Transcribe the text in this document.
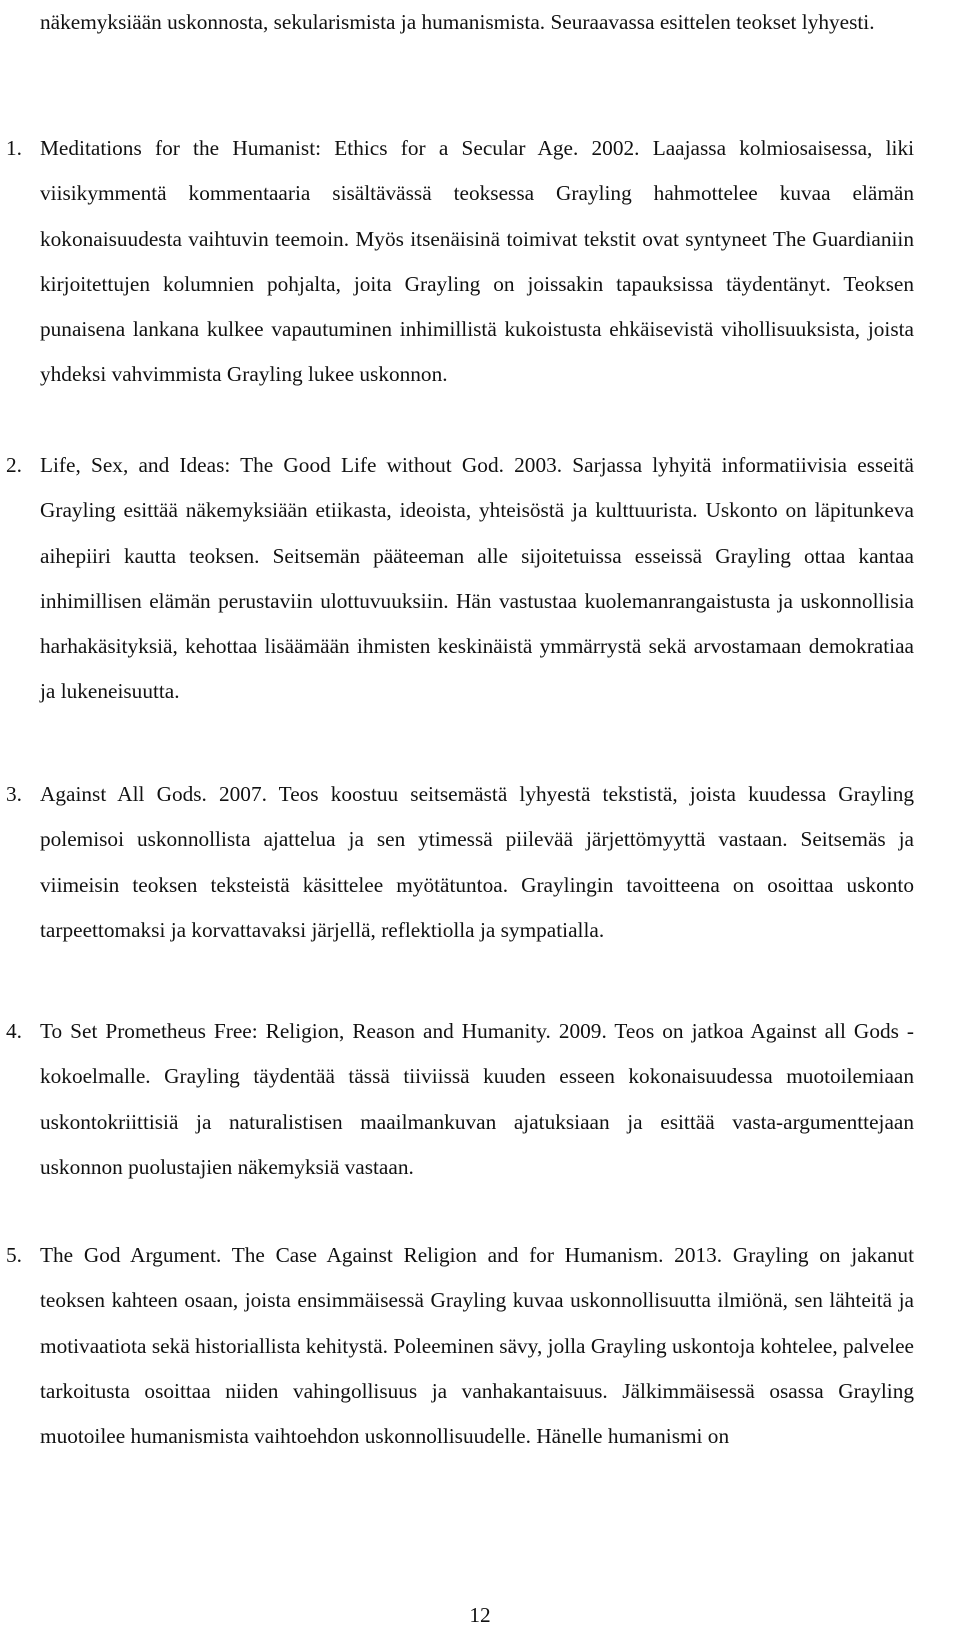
näkemyksiään uskonnosta, sekularismista ja humanismista. Seuraavassa esittelen teokset lyhyesti.

1. Meditations for the Humanist: Ethics for a Secular Age. 2002. Laajassa kolmiosaisessa, liki viisikymmentä kommentaaria sisältävässä teoksessa Grayling hahmottelee kuvaa elämän kokonaisuudesta vaihtuvin teemoin. Myös itsenäisinä toimivat tekstit ovat syntyneet The Guardianiin kirjoitettujen kolumnien pohjalta, joita Grayling on joissakin tapauksissa täydentänyt. Teoksen punaisena lankana kulkee vapautuminen inhimillistä kukoistusta ehkäisevistä vihollisuuksista, joista yhdeksi vahvimmista Grayling lukee uskonnon.
2. Life, Sex, and Ideas: The Good Life without God. 2003. Sarjassa lyhyitä informatiivisia esseitä Grayling esittää näkemyksiään etiikasta, ideoista, yhteisöstä ja kulttuurista. Uskonto on läpitunkeva aihepiiri kautta teoksen. Seitsemän pääteeman alle sijoitetuissa esseissä Grayling ottaa kantaa inhimillisen elämän perustaviin ulottuvuuksiin. Hän vastustaa kuolemanrangaistusta ja uskonnollisia harhakäsityksiä, kehottaa lisäämään ihmisten keskinäistä ymmärrystä sekä arvostamaan demokratiaa ja lukeneisuutta.
3. Against All Gods. 2007. Teos koostuu seitsemästä lyhyestä tekstistä, joista kuudessa Grayling polemisoi uskonnollista ajattelua ja sen ytimessä piilevää järjettömyyttä vastaan. Seitsemäs ja viimeisin teoksen teksteistä käsittelee myötätuntoa. Graylingin tavoitteena on osoittaa uskonto tarpeettomaksi ja korvattavaksi järjellä, reflektiolla ja sympatialla.
4. To Set Prometheus Free: Religion, Reason and Humanity. 2009. Teos on jatkoa Against all Gods -kokoelmalle. Grayling täydentää tässä tiiviissä kuuden esseen kokonaisuudessa muotoilemiaan uskontokriittisiä ja naturalistisen maailmankuvan ajatuksiaan ja esittää vasta-argumenttejaan uskonnon puolustajien näkemyksiä vastaan.
5. The God Argument. The Case Against Religion and for Humanism. 2013. Grayling on jakanut teoksen kahteen osaan, joista ensimmäisessä Grayling kuvaa uskonnollisuutta ilmiönä, sen lähteitä ja motivaatiota sekä historiallista kehitystä. Poleeminen sävy, jolla Grayling uskontoja kohtelee, palvelee tarkoitusta osoittaa niiden vahingollisuus ja vanhakantaisuus. Jälkimmäisessä osassa Grayling muotoilee humanismista vaihtoehdon uskonnollisuudelle. Hänelle humanismi on
12
